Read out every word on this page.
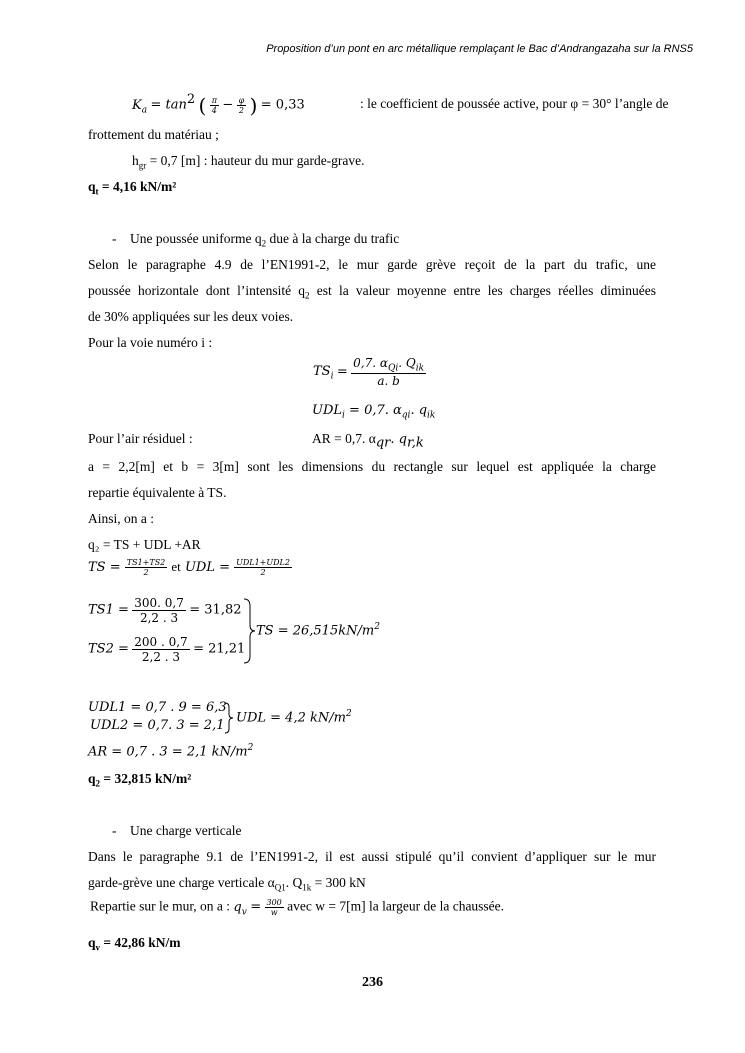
Proposition d’un pont en arc métallique remplaçant le Bac d’Andrangazaha sur la RNS5
$K_a = \tan^2$ ( $\frac{\pi}{4} - \frac{\varphi}{2}$ ) = 0,33	: le coefficient de poussée active, pour φ = 30° l’angle de
frottement du matériau ;
$h_{gr} = 0,7$ [m] : hauteur du mur garde-grave.
$q_t = 4,16$ kN/m²
- Une poussée uniforme $q_2$ due à la charge du trafic
Selon le paragraphe 4.9 de l’EN1991-2, le mur garde grève reçoit de la part du trafic, une
poussée horizontale dont l’intensité $q_2$ est la valeur moyenne entre les charges réelles diminuées
de 30% appliquées sur les deux voies.
Pour la voie numéro i :
$TS_i = \frac{0,7. \alpha_{Qi}. Q_{ik}}{a. b}$
$UDL_i = 0,7$. $\alpha_{qi}$. $q_{ik}$
Pour l’air résiduel :	AR = 0,7. $\alpha_{qr}$. $q_{r,k}$
a = 2,2[m] et b = 3[m] sont les dimensions du rectangle sur lequel est appliquée la charge
repartie équivalente à TS.
Ainsi, on a :
q₂ = TS + UDL +AR
TS = $\frac{TS1+TS2}{2}$ et UDL = $\frac{\text{UDL1+UDL2}}{2}$
$TS1 = \frac{300. 0,7}{2,2 . 3} = 31,82$
$TS2 = \frac{200 . 0,7}{2,2 . 3} = 21,21$
TS = $26,515kN/m^2$
UDL1 = 0,7 . 9 = 6,3
UDL2 = 0,7. 3 = 2,1
UDL = 4,2 $kN/m^2$
AR = 0,7 . 3 = 2,1 $kN/m^2$
$q_2 = 32,815$ kN/m²
- Une charge verticale
Dans le paragraphe 9.1 de l’EN1991-2, il est aussi stipulé qu’il convient d’appliquer sur le mur
garde-grève une charge verticale $\alpha_{Q1}$. $Q_{1k} = 300$ kN
Repartie sur le mur, on a : $q_v = \frac{300}{w}$ avec w = 7[m] la largeur de la chaussée.
$q_v = 42,86$ kN/m
236
